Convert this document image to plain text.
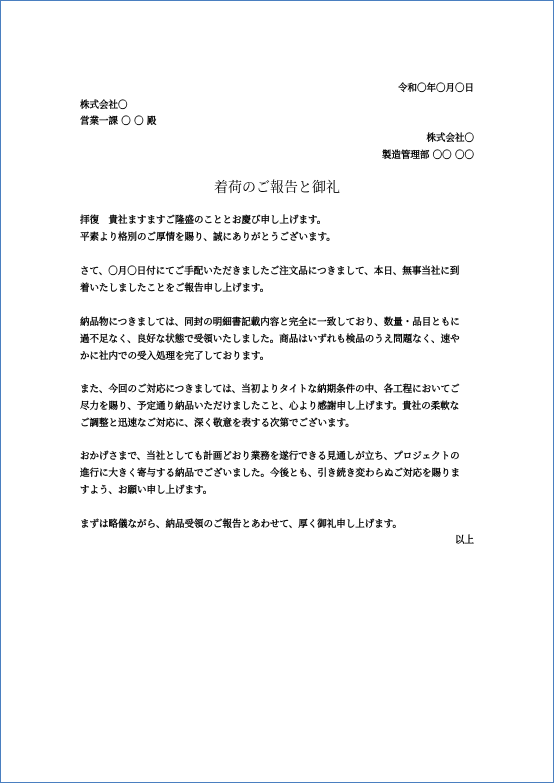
令和〇年〇月〇日
株式会社〇
営業一課 〇 〇 殿
株式会社〇
製造管理部 〇〇 〇〇
着荷のご報告と御礼
拝復　貴社ますますご隆盛のこととお慶び申し上げます。
平素より格別のご厚情を賜り、誠にありがとうございます。
さて、〇月〇日付にてご手配いただきましたご注文品につきまして、本日、無事当社に到
着いたしましたことをご報告申し上げます。
納品物につきましては、同封の明細書記載内容と完全に一致しており、数量・品目ともに
過不足なく、良好な状態で受領いたしました。商品はいずれも検品のうえ問題なく、速や
かに社内での受入処理を完了しております。
また、今回のご対応につきましては、当初よりタイトな納期条件の中、各工程においてご
尽力を賜り、予定通り納品いただけましたこと、心より感謝申し上げます。貴社の柔軟な
ご調整と迅速なご対応に、深く敬意を表する次第でございます。
おかげさまで、当社としても計画どおり業務を遂行できる見通しが立ち、プロジェクトの
進行に大きく寄与する納品でございました。今後とも、引き続き変わらぬご対応を賜りま
すよう、お願い申し上げます。
まずは略儀ながら、納品受領のご報告とあわせて、厚く御礼申し上げます。
以上
